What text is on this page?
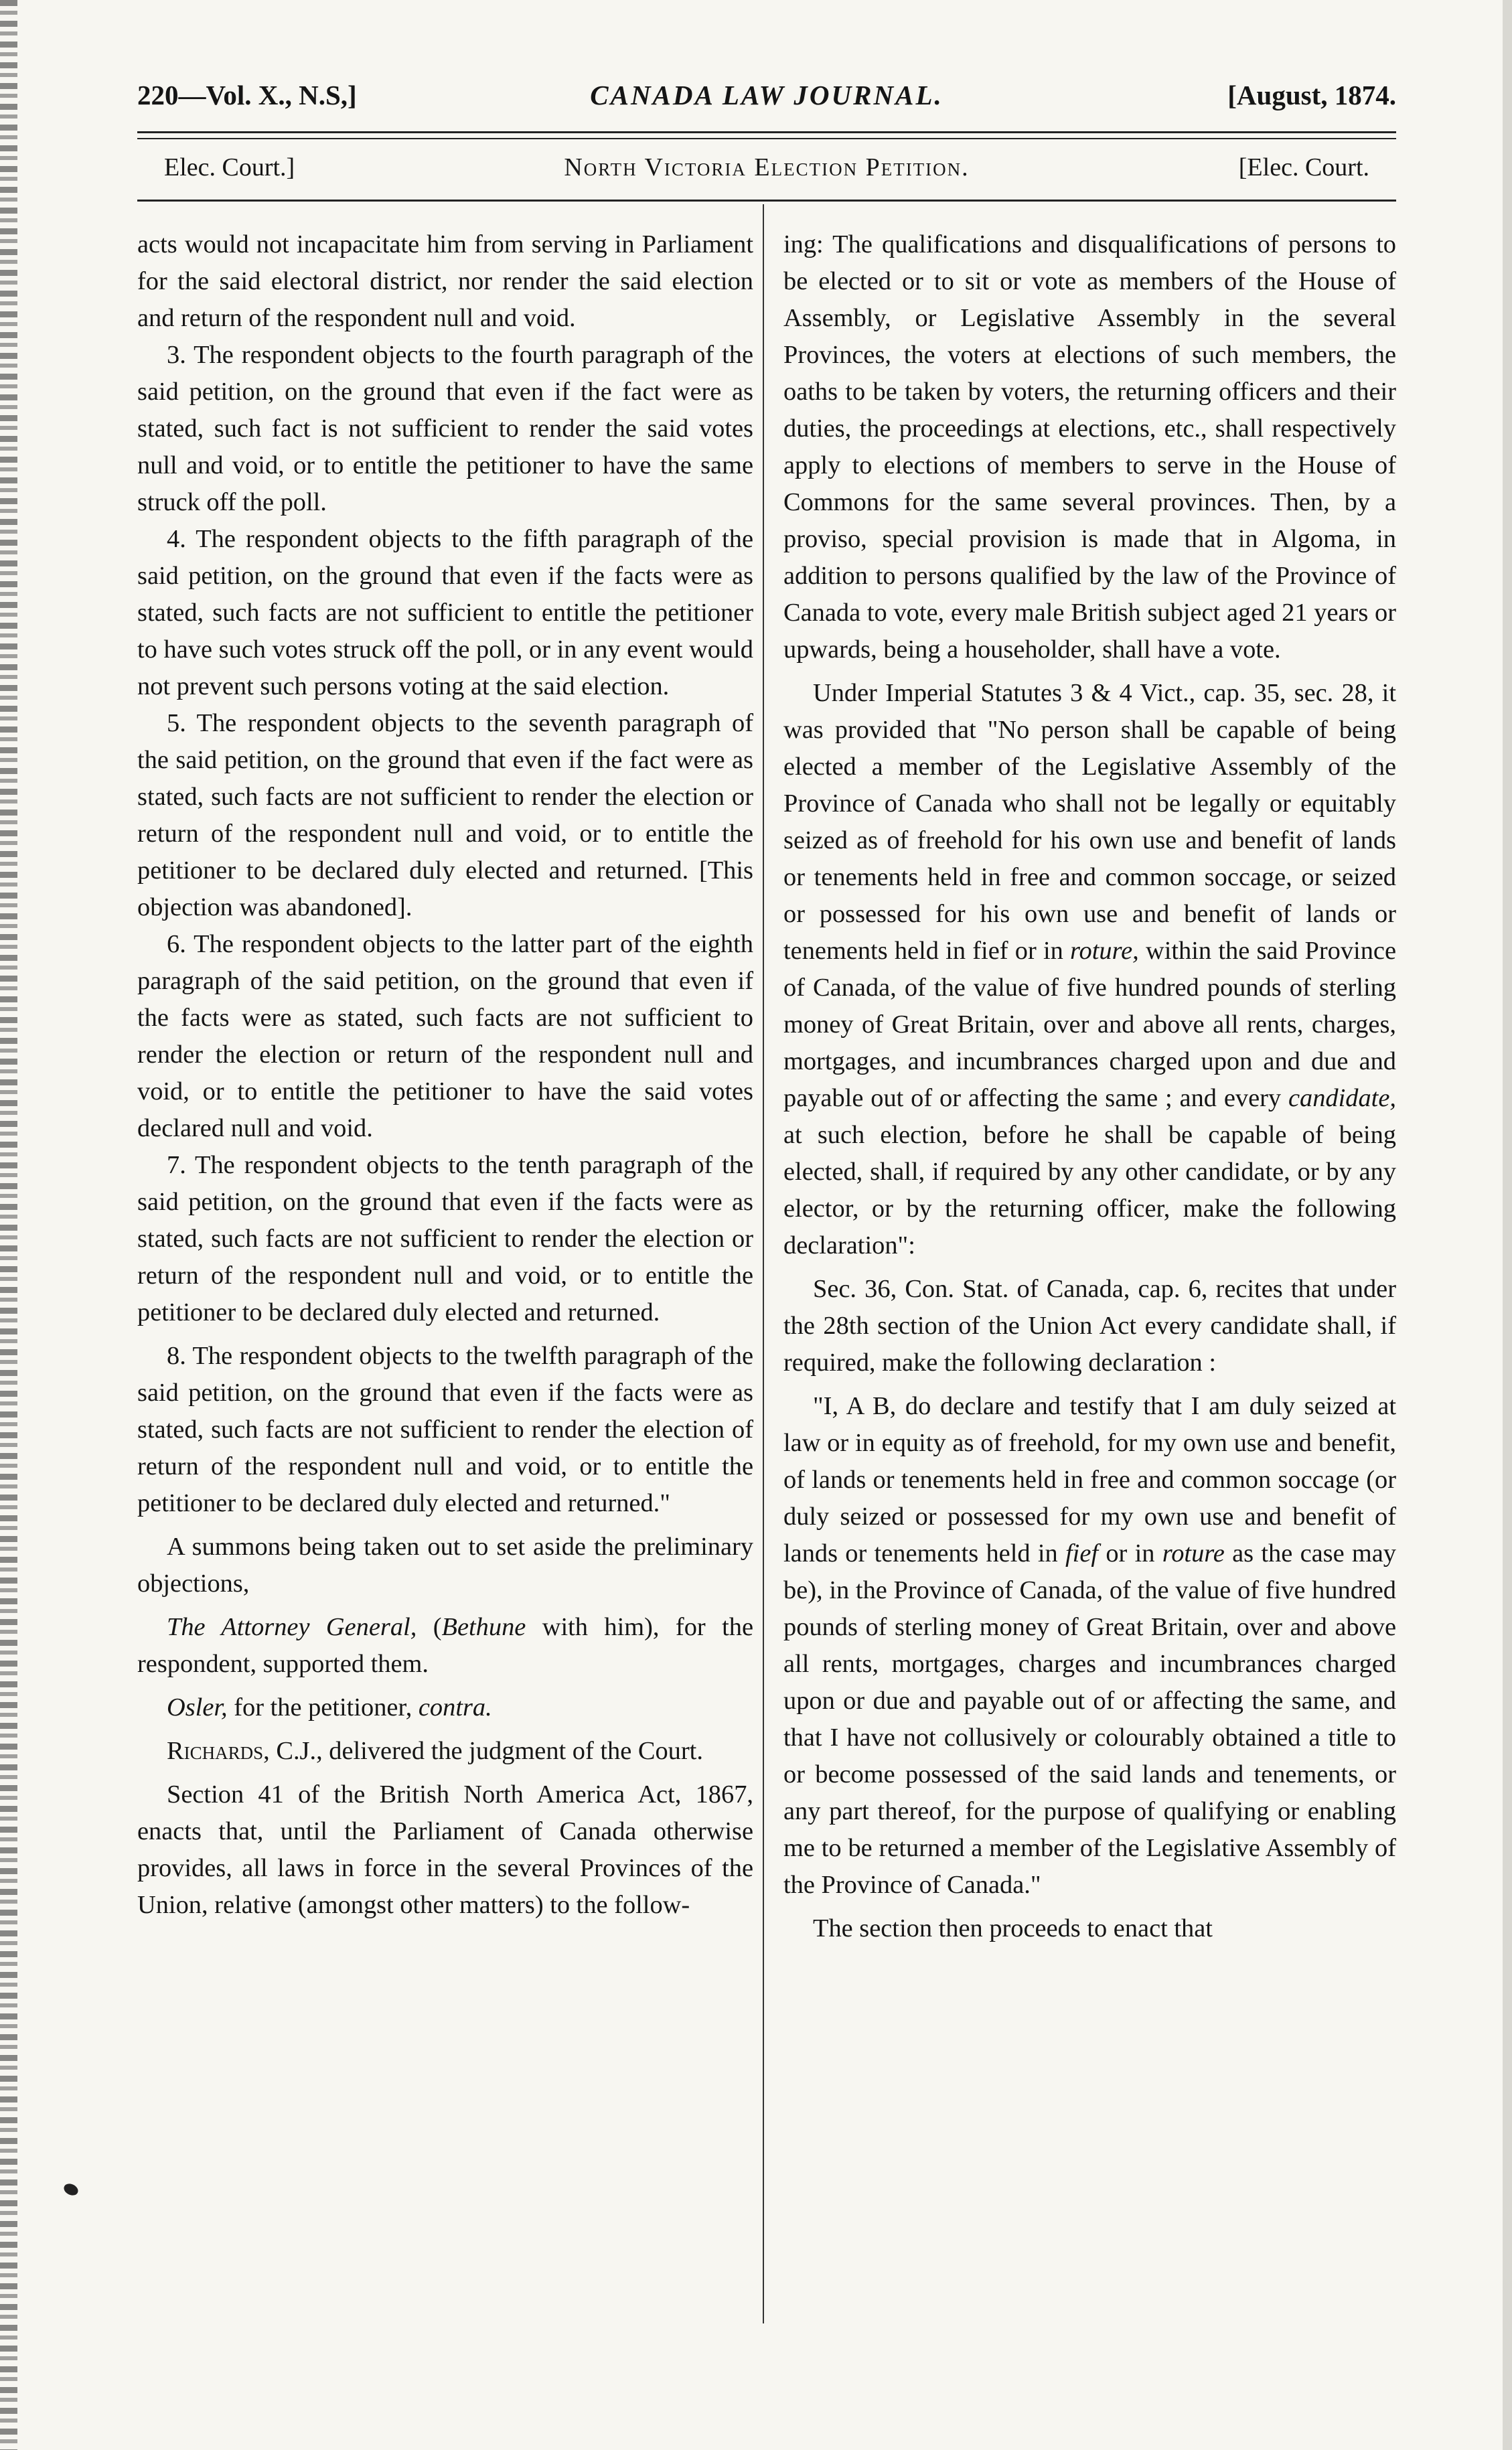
220—Vol. X., N.S,]	CANADA LAW JOURNAL.	[August, 1874.
Elec. Court.]	North Victoria Election Petition.	[Elec. Court.

acts would not incapacitate him from serving in Parliament for the said electoral district, nor render the said election and return of the respondent null and void.

3. The respondent objects to the fourth paragraph of the said petition, on the ground that even if the fact were as stated, such fact is not sufficient to render the said votes null and void, or to entitle the petitioner to have the same struck off the poll.

4. The respondent objects to the fifth paragraph of the said petition, on the ground that even if the facts were as stated, such facts are not sufficient to entitle the petitioner to have such votes struck off the poll, or in any event would not prevent such persons voting at the said election.

5. The respondent objects to the seventh paragraph of the said petition, on the ground that even if the fact were as stated, such facts are not sufficient to render the election or return of the respondent null and void, or to entitle the petitioner to be declared duly elected and returned. [This objection was abandoned].

6. The respondent objects to the latter part of the eighth paragraph of the said petition, on the ground that even if the facts were as stated, such facts are not sufficient to render the election or return of the respondent null and void, or to entitle the petitioner to have the said votes declared null and void.

7. The respondent objects to the tenth paragraph of the said petition, on the ground that even if the facts were as stated, such facts are not sufficient to render the election or return of the respondent null and void, or to entitle the petitioner to be declared duly elected and returned.

8. The respondent objects to the twelfth paragraph of the said petition, on the ground that even if the facts were as stated, such facts are not sufficient to render the election of return of the respondent null and void, or to entitle the petitioner to be declared duly elected and returned."

A summons being taken out to set aside the preliminary objections,

The Attorney General, (Bethune with him), for the respondent, supported them.

Osler, for the petitioner, contra.

Richards, C.J., delivered the judgment of the Court.

Section 41 of the British North America Act, 1867, enacts that, until the Parliament of Canada otherwise provides, all laws in force in the several Provinces of the Union, relative (amongst other matters) to the follow-

ing: The qualifications and disqualifications of persons to be elected or to sit or vote as members of the House of Assembly, or Legislative Assembly in the several Provinces, the voters at elections of such members, the oaths to be taken by voters, the returning officers and their duties, the proceedings at elections, etc., shall respectively apply to elections of members to serve in the House of Commons for the same several provinces. Then, by a proviso, special provision is made that in Algoma, in addition to persons qualified by the law of the Province of Canada to vote, every male British subject aged 21 years or upwards, being a householder, shall have a vote.

Under Imperial Statutes 3 & 4 Vict., cap. 35, sec. 28, it was provided that "No person shall be capable of being elected a member of the Legislative Assembly of the Province of Canada who shall not be legally or equitably seized as of freehold for his own use and benefit of lands or tenements held in free and common soccage, or seized or possessed for his own use and benefit of lands or tenements held in fief or in roture, within the said Province of Canada, of the value of five hundred pounds of sterling money of Great Britain, over and above all rents, charges, mortgages, and incumbrances charged upon and due and payable out of or affecting the same ; and every candidate, at such election, before he shall be capable of being elected, shall, if required by any other candidate, or by any elector, or by the returning officer, make the following declaration":

Sec. 36, Con. Stat. of Canada, cap. 6, recites that under the 28th section of the Union Act every candidate shall, if required, make the following declaration :

"I, A B, do declare and testify that I am duly seized at law or in equity as of freehold, for my own use and benefit, of lands or tenements held in free and common soccage (or duly seized or possessed for my own use and benefit of lands or tenements held in fief or in roture as the case may be), in the Province of Canada, of the value of five hundred pounds of sterling money of Great Britain, over and above all rents, mortgages, charges and incumbrances charged upon or due and payable out of or affecting the same, and that I have not collusively or colourably obtained a title to or become possessed of the said lands and tenements, or any part thereof, for the purpose of qualifying or enabling me to be returned a member of the Legislative Assembly of the Province of Canada."

The section then proceeds to enact that
